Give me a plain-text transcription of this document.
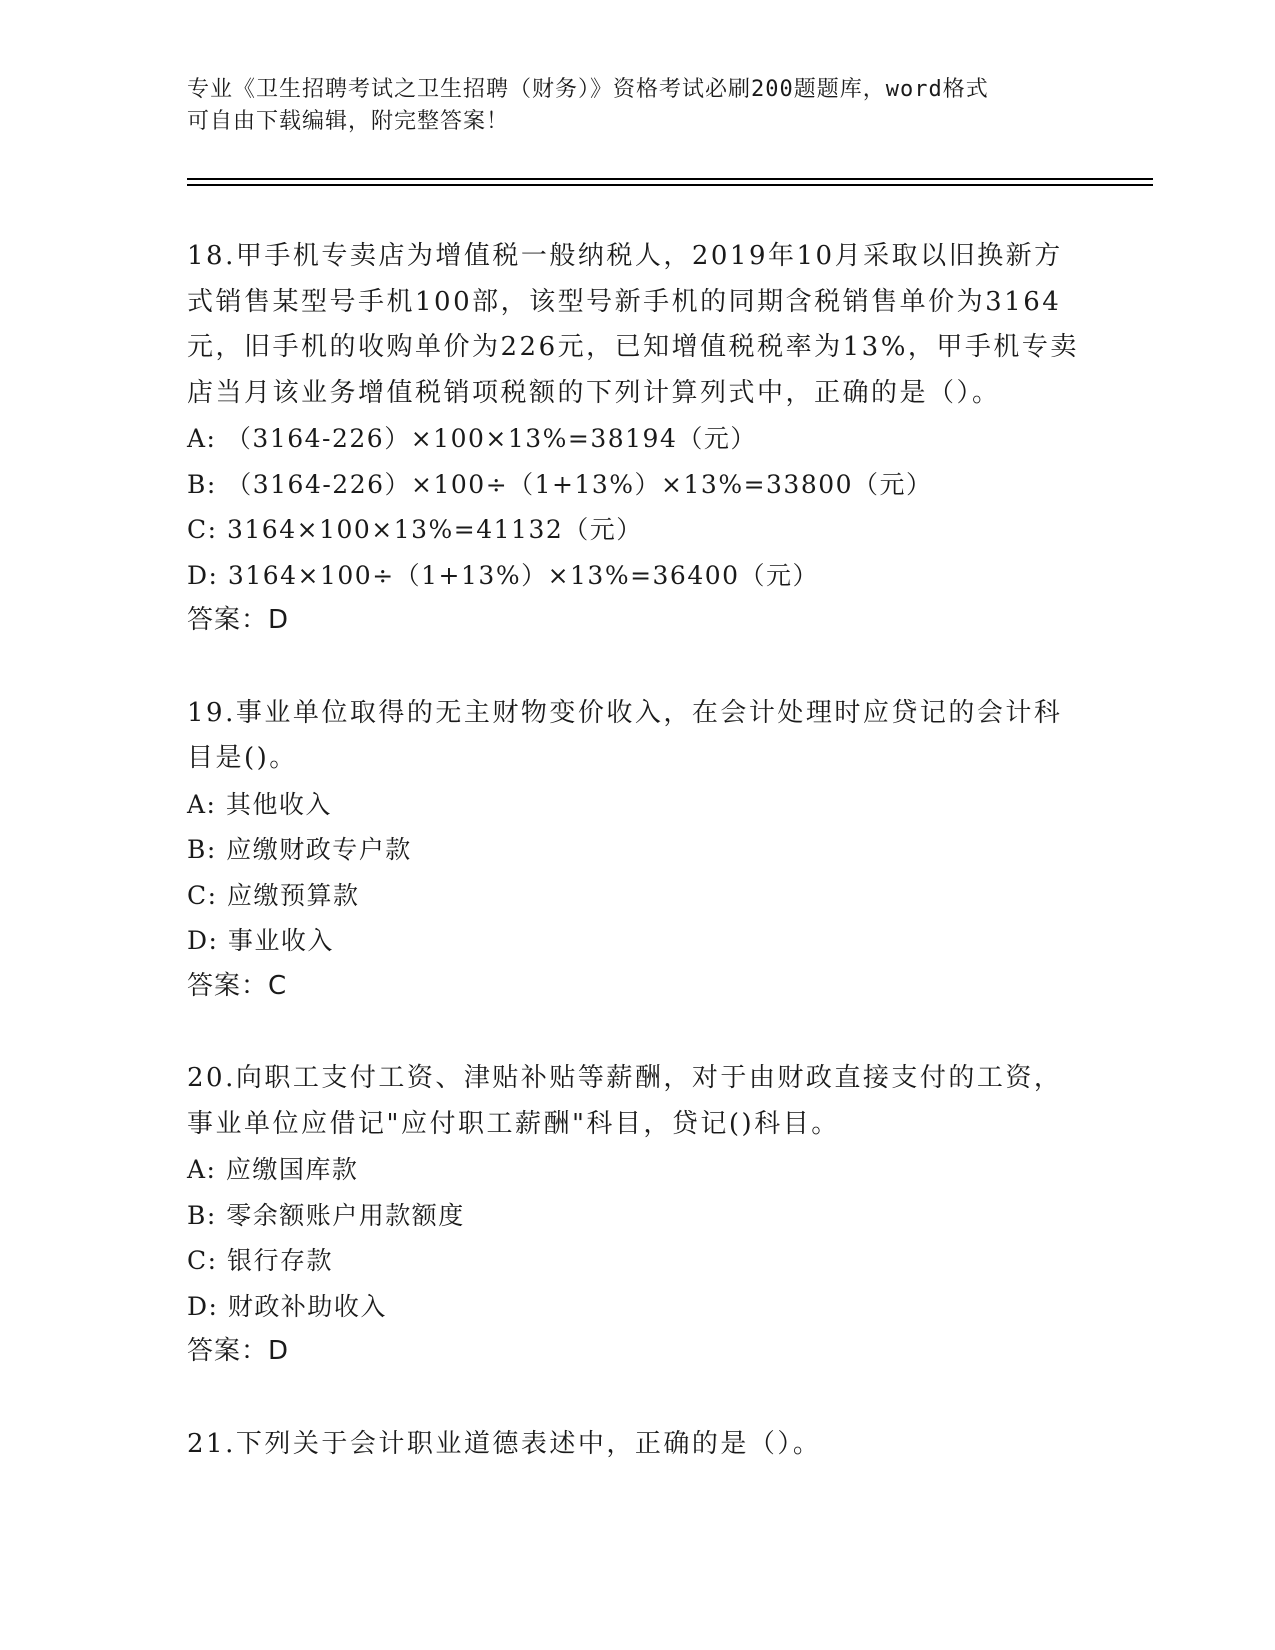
专业《卫生招聘考试之卫生招聘（财务）》资格考试必刷200题题库，word格式
可自由下载编辑，附完整答案！
18.甲手机专卖店为增值税一般纳税人，2019年10月采取以旧换新方
式销售某型号手机100部，该型号新手机的同期含税销售单价为3164
元，旧手机的收购单价为226元，已知增值税税率为13%，甲手机专卖
店当月该业务增值税销项税额的下列计算列式中，正确的是（）。
A: （3164-226）×100×13%=38194（元）
B: （3164-226）×100÷（1+13%）×13%=33800（元）
C: 3164×100×13%=41132（元）
D: 3164×100÷（1+13%）×13%=36400（元）
答案：D
19.事业单位取得的无主财物变价收入，在会计处理时应贷记的会计科
目是()。
A: 其他收入
B: 应缴财政专户款
C: 应缴预算款
D: 事业收入
答案：C
20.向职工支付工资、津贴补贴等薪酬，对于由财政直接支付的工资，
事业单位应借记"应付职工薪酬"科目，贷记()科目。
A: 应缴国库款
B: 零余额账户用款额度
C: 银行存款
D: 财政补助收入
答案：D
21.下列关于会计职业道德表述中，正确的是（）。
